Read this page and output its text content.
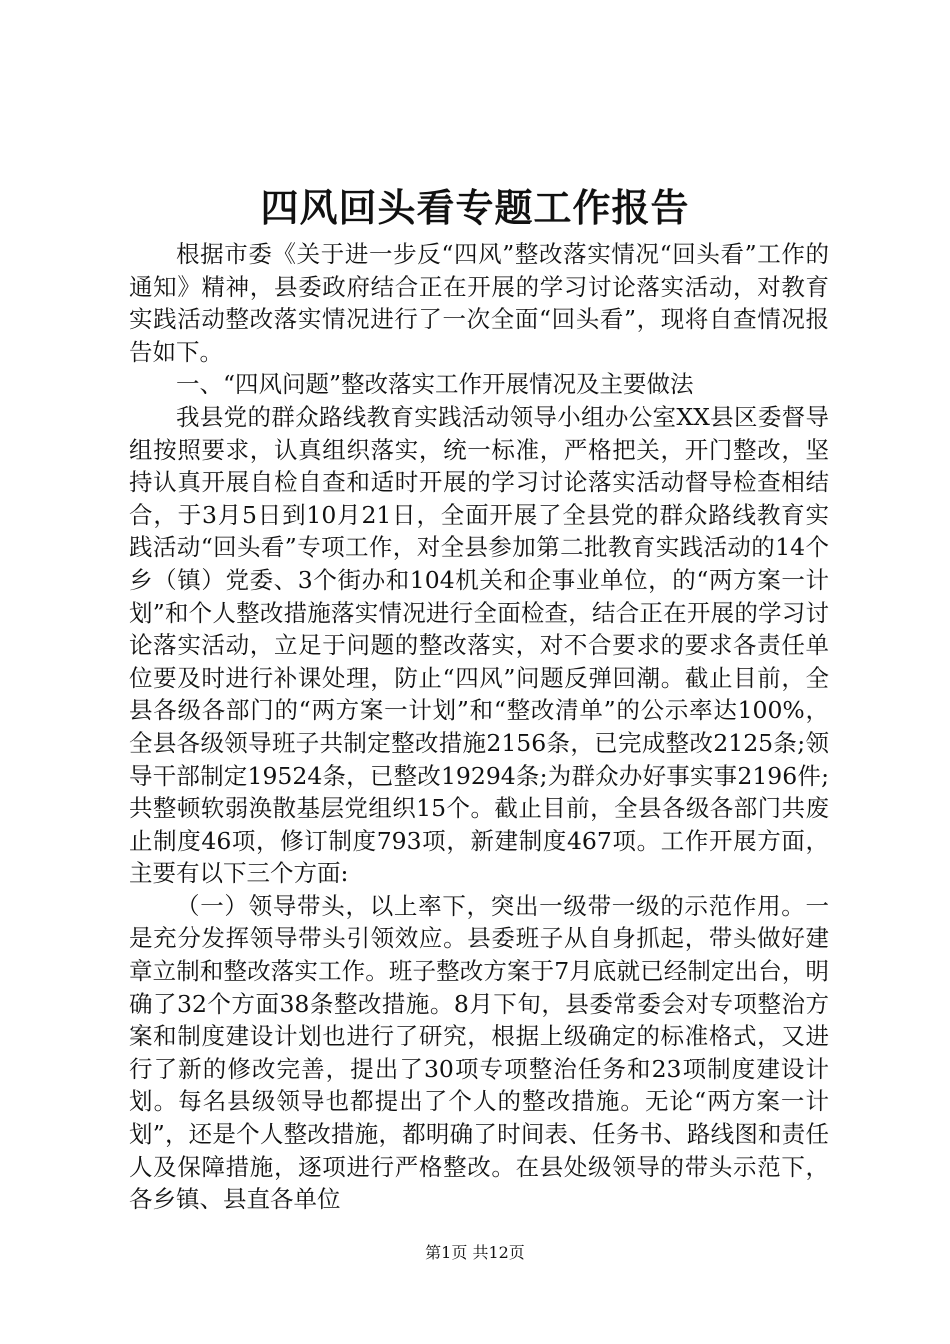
四风回头看专题工作报告

根据市委《关于进一步反“四风”整改落实情况“回头看”工作的通知》精神，县委政府结合正在开展的学习讨论落实活动，对教育实践活动整改落实情况进行了一次全面“回头看”，现将自查情况报告如下。

一、“四风问题”整改落实工作开展情况及主要做法

我县党的群众路线教育实践活动领导小组办公室XX县区委督导组按照要求，认真组织落实，统一标准，严格把关，开门整改，坚持认真开展自检自查和适时开展的学习讨论落实活动督导检查相结合，于3月5日到10月21日，全面开展了全县党的群众路线教育实践活动“回头看”专项工作，对全县参加第二批教育实践活动的14个乡（镇）党委、3个街办和104机关和企事业单位，的“两方案一计划”和个人整改措施落实情况进行全面检查，结合正在开展的学习讨论落实活动，立足于问题的整改落实，对不合要求的要求各责任单位要及时进行补课处理，防止“四风”问题反弹回潮。截止目前，全县各级各部门的“两方案一计划”和“整改清单”的公示率达100%，全县各级领导班子共制定整改措施2156条，已完成整改2125条;领导干部制定19524条，已整改19294条;为群众办好事实事2196件;共整顿软弱涣散基层党组织15个。截止目前，全县各级各部门共废止制度46项，修订制度793项，新建制度467项。工作开展方面，主要有以下三个方面:

（一）领导带头，以上率下，突出一级带一级的示范作用。一是充分发挥领导带头引领效应。县委班子从自身抓起，带头做好建章立制和整改落实工作。班子整改方案于7月底就已经制定出台，明确了32个方面38条整改措施。8月下旬，县委常委会对专项整治方案和制度建设计划也进行了研究，根据上级确定的标准格式，又进行了新的修改完善，提出了30项专项整治任务和23项制度建设计划。每名县级领导也都提出了个人的整改措施。无论“两方案一计划”，还是个人整改措施，都明确了时间表、任务书、路线图和责任人及保障措施，逐项进行严格整改。在县处级领导的带头示范下，各乡镇、县直各单位

第1页 共12页
